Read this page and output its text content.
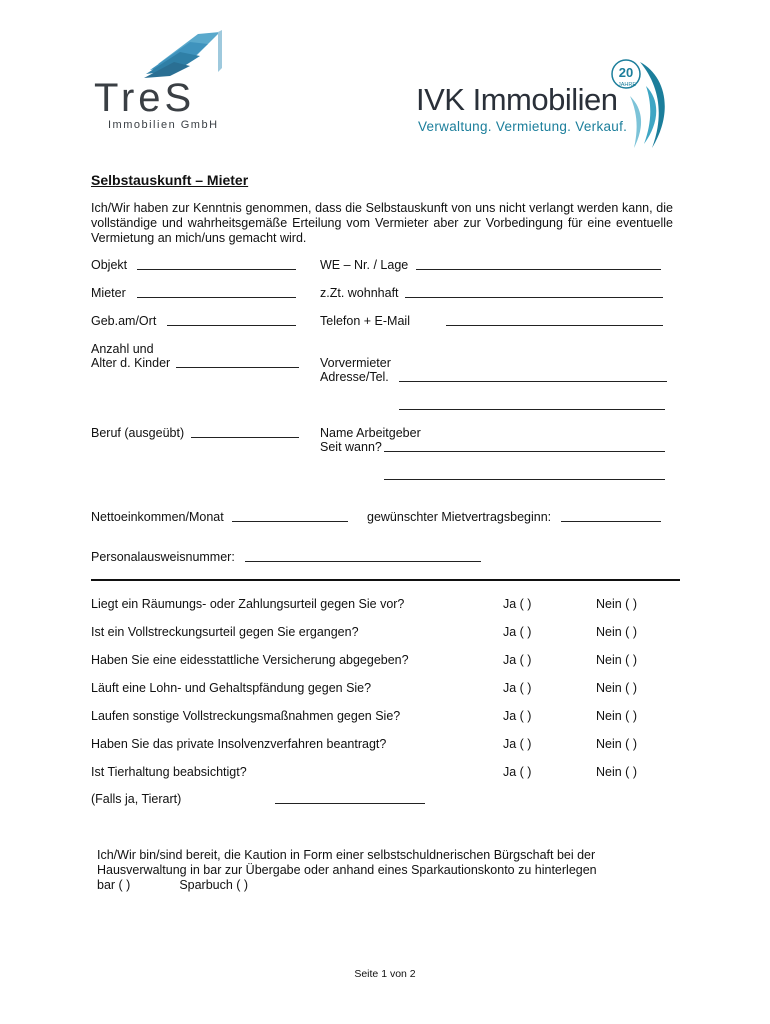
TreS
Immobilien GmbH
20
JAHRE
IVK Immobilien
Verwaltung. Vermietung. Verkauf.
Selbstauskunft – Mieter
Ich/Wir haben zur Kenntnis genommen, dass die Selbstauskunft von uns nicht verlangt werden kann, die vollständige und wahrheitsgemäße Erteilung vom Vermieter aber zur Vorbedingung für eine eventuelle Vermietung an mich/uns gemacht wird.
Objekt	WE – Nr. / Lage
Mieter	z.Zt. wohnhaft
Geb.am/Ort	Telefon + E-Mail
Anzahl und
Alter d. Kinder	Vorvermieter
Adresse/Tel.
Beruf (ausgeübt)	Name Arbeitgeber
Seit wann?
Nettoeinkommen/Monat	gewünschter Mietvertragsbeginn:
Personalausweisnummer:
Liegt ein Räumungs- oder Zahlungsurteil gegen Sie vor?	Ja ( )	Nein ( )
Ist ein Vollstreckungsurteil gegen Sie ergangen?	Ja ( )	Nein ( )
Haben Sie eine eidesstattliche Versicherung abgegeben?	Ja ( )	Nein ( )
Läuft eine Lohn- und Gehaltspfändung gegen Sie?	Ja ( )	Nein ( )
Laufen sonstige Vollstreckungsmaßnahmen gegen Sie?	Ja ( )	Nein ( )
Haben Sie das private Insolvenzverfahren beantragt?	Ja ( )	Nein ( )
Ist Tierhaltung beabsichtigt?	Ja ( )	Nein ( )
(Falls ja, Tierart)
Ich/Wir bin/sind bereit, die Kaution in Form einer selbstschuldnerischen Bürgschaft bei der
Hausverwaltung in bar zur Übergabe oder anhand eines Sparkautionskonto zu hinterlegen
bar ( )	Sparbuch ( )
Seite 1 von 2
